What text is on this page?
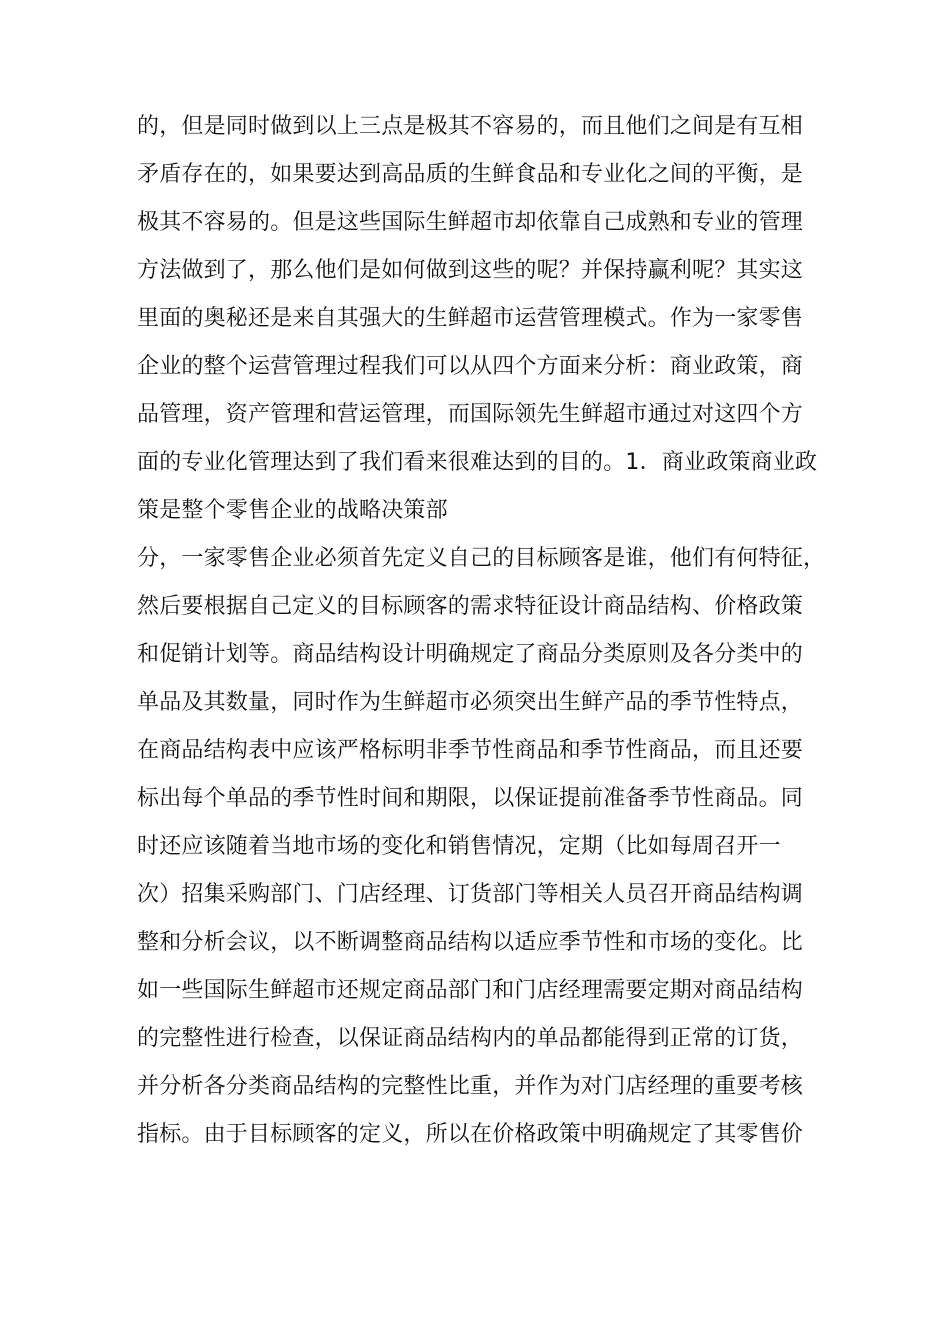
的，但是同时做到以上三点是极其不容易的，而且他们之间是有互相
矛盾存在的，如果要达到高品质的生鲜食品和专业化之间的平衡，是
极其不容易的。但是这些国际生鲜超市却依靠自己成熟和专业的管理
方法做到了，那么他们是如何做到这些的呢？并保持赢利呢？其实这
里面的奥秘还是来自其强大的生鲜超市运营管理模式。作为一家零售
企业的整个运营管理过程我们可以从四个方面来分析：商业政策，商
品管理，资产管理和营运管理，而国际领先生鲜超市通过对这四个方
面的专业化管理达到了我们看来很难达到的目的。1．商业政策商业政
策是整个零售企业的战略决策部
分，一家零售企业必须首先定义自己的目标顾客是谁，他们有何特征，
然后要根据自己定义的目标顾客的需求特征设计商品结构、价格政策
和促销计划等。商品结构设计明确规定了商品分类原则及各分类中的
单品及其数量，同时作为生鲜超市必须突出生鲜产品的季节性特点，
在商品结构表中应该严格标明非季节性商品和季节性商品，而且还要
标出每个单品的季节性时间和期限，以保证提前准备季节性商品。同
时还应该随着当地市场的变化和销售情况，定期（比如每周召开一
次）招集采购部门、门店经理、订货部门等相关人员召开商品结构调
整和分析会议，以不断调整商品结构以适应季节性和市场的变化。比
如一些国际生鲜超市还规定商品部门和门店经理需要定期对商品结构
的完整性进行检查，以保证商品结构内的单品都能得到正常的订货，
并分析各分类商品结构的完整性比重，并作为对门店经理的重要考核
指标。由于目标顾客的定义，所以在价格政策中明确规定了其零售价
